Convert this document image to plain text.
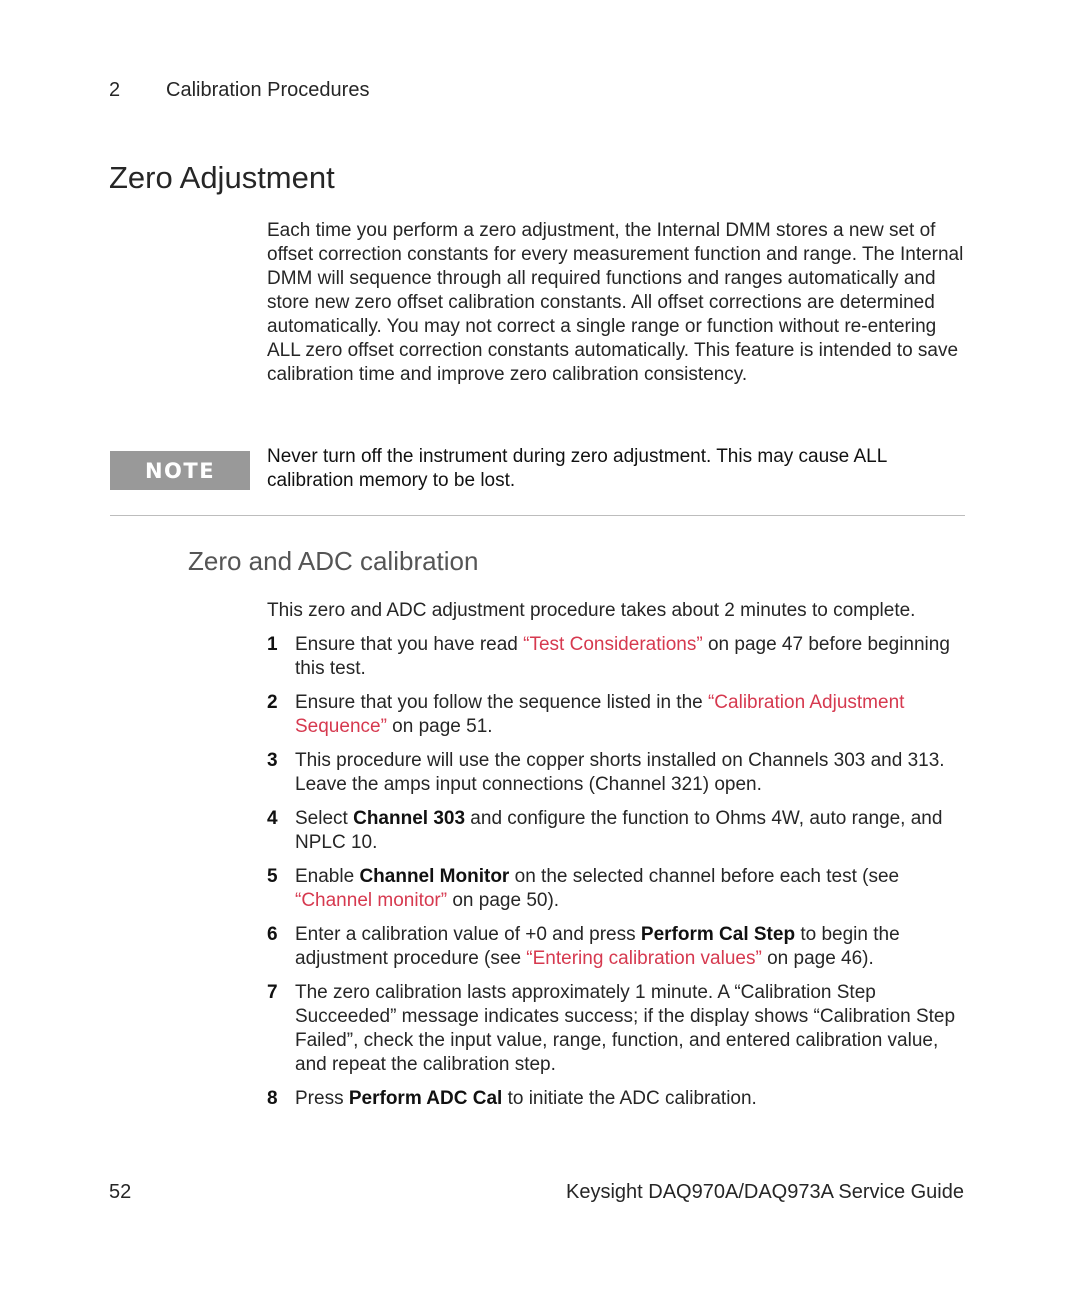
2 Calibration Procedures
Zero Adjustment
Each time you perform a zero adjustment, the Internal DMM stores a new set of offset correction constants for every measurement function and range. The Internal DMM will sequence through all required functions and ranges automatically and store new zero offset calibration constants. All offset corrections are determined automatically. You may not correct a single range or function without re-entering ALL zero offset correction constants automatically. This feature is intended to save calibration time and improve zero calibration consistency.
NOTE
Never turn off the instrument during zero adjustment. This may cause ALL calibration memory to be lost.
Zero and ADC calibration
This zero and ADC adjustment procedure takes about 2 minutes to complete.
1 Ensure that you have read “Test Considerations” on page 47 before beginning this test.
2 Ensure that you follow the sequence listed in the “Calibration Adjustment Sequence” on page 51.
3 This procedure will use the copper shorts installed on Channels 303 and 313. Leave the amps input connections (Channel 321) open.
4 Select Channel 303 and configure the function to Ohms 4W, auto range, and NPLC 10.
5 Enable Channel Monitor on the selected channel before each test (see “Channel monitor” on page 50).
6 Enter a calibration value of +0 and press Perform Cal Step to begin the adjustment procedure (see “Entering calibration values” on page 46).
7 The zero calibration lasts approximately 1 minute. A “Calibration Step Succeeded” message indicates success; if the display shows “Calibration Step Failed”, check the input value, range, function, and entered calibration value, and repeat the calibration step.
8 Press Perform ADC Cal to initiate the ADC calibration.
52	Keysight DAQ970A/DAQ973A Service Guide
